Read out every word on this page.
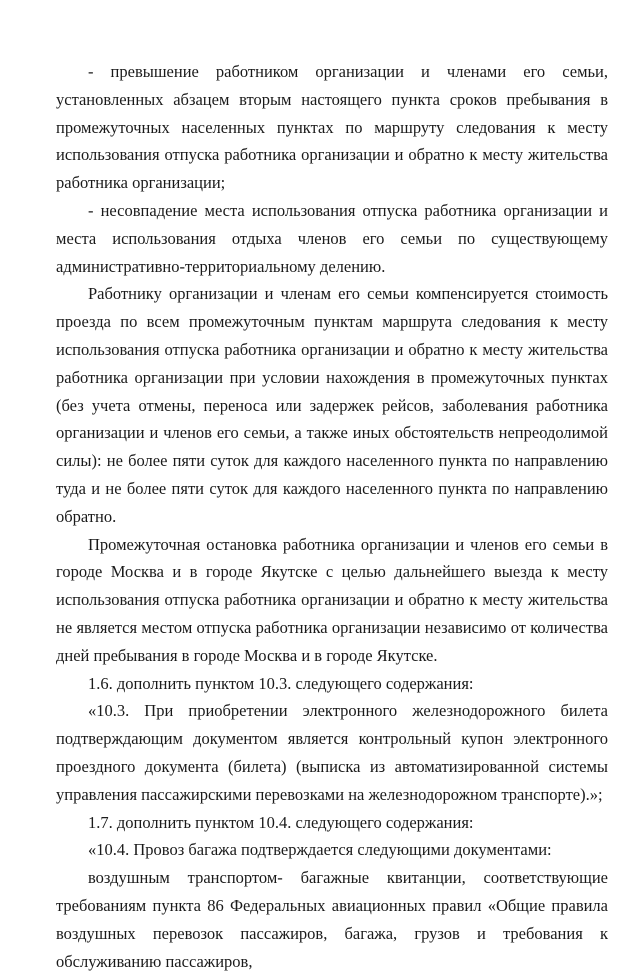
- превышение работником организации и членами его семьи, установленных абзацем вторым настоящего пункта сроков пребывания в промежуточных населенных пунктах по маршруту следования к месту использования отпуска работника организации и обратно к месту жительства работника организации;

- несовпадение места использования отпуска работника организации и места использования отдыха членов его семьи по существующему административно-территориальному делению.

Работнику организации и членам его семьи компенсируется стоимость проезда по всем промежуточным пунктам маршрута следования к месту использования отпуска работника организации и обратно к месту жительства работника организации при условии нахождения в промежуточных пунктах (без учета отмены, переноса или задержек рейсов, заболевания работника организации и членов его семьи, а также иных обстоятельств непреодолимой силы): не более пяти суток для каждого населенного пункта по направлению туда и не более пяти суток для каждого населенного пункта по направлению обратно.

Промежуточная остановка работника организации и членов его семьи в городе Москва и в городе Якутске с целью дальнейшего выезда к месту использования отпуска работника организации и обратно к месту жительства не является местом отпуска работника организации независимо от количества дней пребывания в городе Москва и в городе Якутске.

1.6. дополнить пунктом 10.3. следующего содержания:

«10.3. При приобретении электронного железнодорожного билета подтверждающим документом является контрольный купон электронного проездного документа (билета) (выписка из автоматизированной системы управления пассажирскими перевозками на железнодорожном транспорте).»;

1.7. дополнить пунктом 10.4. следующего содержания:

«10.4. Провоз багажа подтверждается следующими документами:

воздушным транспортом- багажные квитанции, соответствующие требованиям пункта 86 Федеральных авиационных правил «Общие правила воздушных перевозок пассажиров, багажа, грузов и требования к обслуживанию пассажиров,
